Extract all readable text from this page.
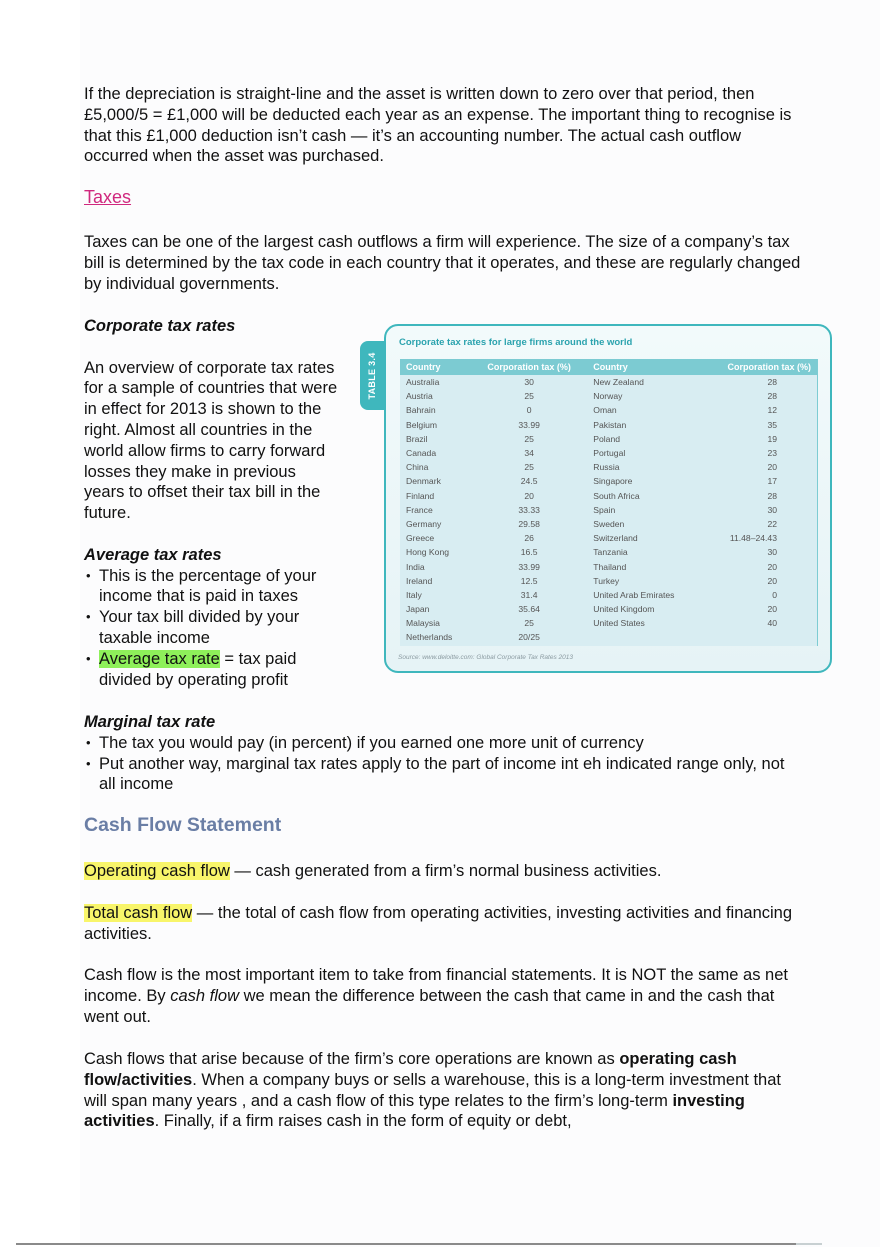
If the depreciation is straight-line and the asset is written down to zero over that period, then £5,000/5 = £1,000 will be deducted each year as an expense. The important thing to recognise is that this £1,000 deduction isn’t cash — it’s an accounting number. The actual cash outflow occurred when the asset was purchased.

Taxes

Taxes can be one of the largest cash outflows a firm will experience. The size of a company’s tax bill is determined by the tax code in each country that it operates, and these are regularly changed by individual governments.

Corporate tax rates
An overview of corporate tax rates for a sample of countries that were in effect for 2013 is shown to the right. Almost all countries in the world allow firms to carry forward losses they make in previous years to offset their tax bill in the future.
Average tax rates
• This is the percentage of your income that is paid in taxes
• Your tax bill divided by your taxable income
• Average tax rate = tax paid divided by operating profit
Marginal tax rate
• The tax you would pay (in percent) if you earned one more unit of currency
• Put another way, marginal tax rates apply to the part of income int eh indicated range only, not all income
TABLE 3.4
Corporate tax rates for large firms around the world
Country	Corporation tax (%)	Country	Corporation tax (%)
Australia	30	New Zealand	28
Austria	25	Norway	28
Bahrain	0	Oman	12
Belgium	33.99	Pakistan	35
Brazil	25	Poland	19
Canada	34	Portugal	23
China	25	Russia	20
Denmark	24.5	Singapore	17
Finland	20	South Africa	28
France	33.33	Spain	30
Germany	29.58	Sweden	22
Greece	26	Switzerland	11.48–24.43
Hong Kong	16.5	Tanzania	30
India	33.99	Thailand	20
Ireland	12.5	Turkey	20
Italy	31.4	United Arab Emirates	0
Japan	35.64	United Kingdom	20
Malaysia	25	United States	40
Netherlands	20/25		
Source: www.deloitte.com: Global Corporate Tax Rates 2013
Cash Flow Statement

Operating cash flow — cash generated from a firm’s normal business activities.

Total cash flow — the total of cash flow from operating activities, investing activities and financing activities.

Cash flow is the most important item to take from financial statements. It is NOT the same as net income. By cash flow we mean the difference between the cash that came in and the cash that went out.

Cash flows that arise because of the firm’s core operations are known as operating cash flow/activities. When a company buys or sells a warehouse, this is a long-term investment that will span many years , and a cash flow of this type relates to the firm’s long-term investing activities. Finally, if a firm raises cash in the form of equity or debt,
